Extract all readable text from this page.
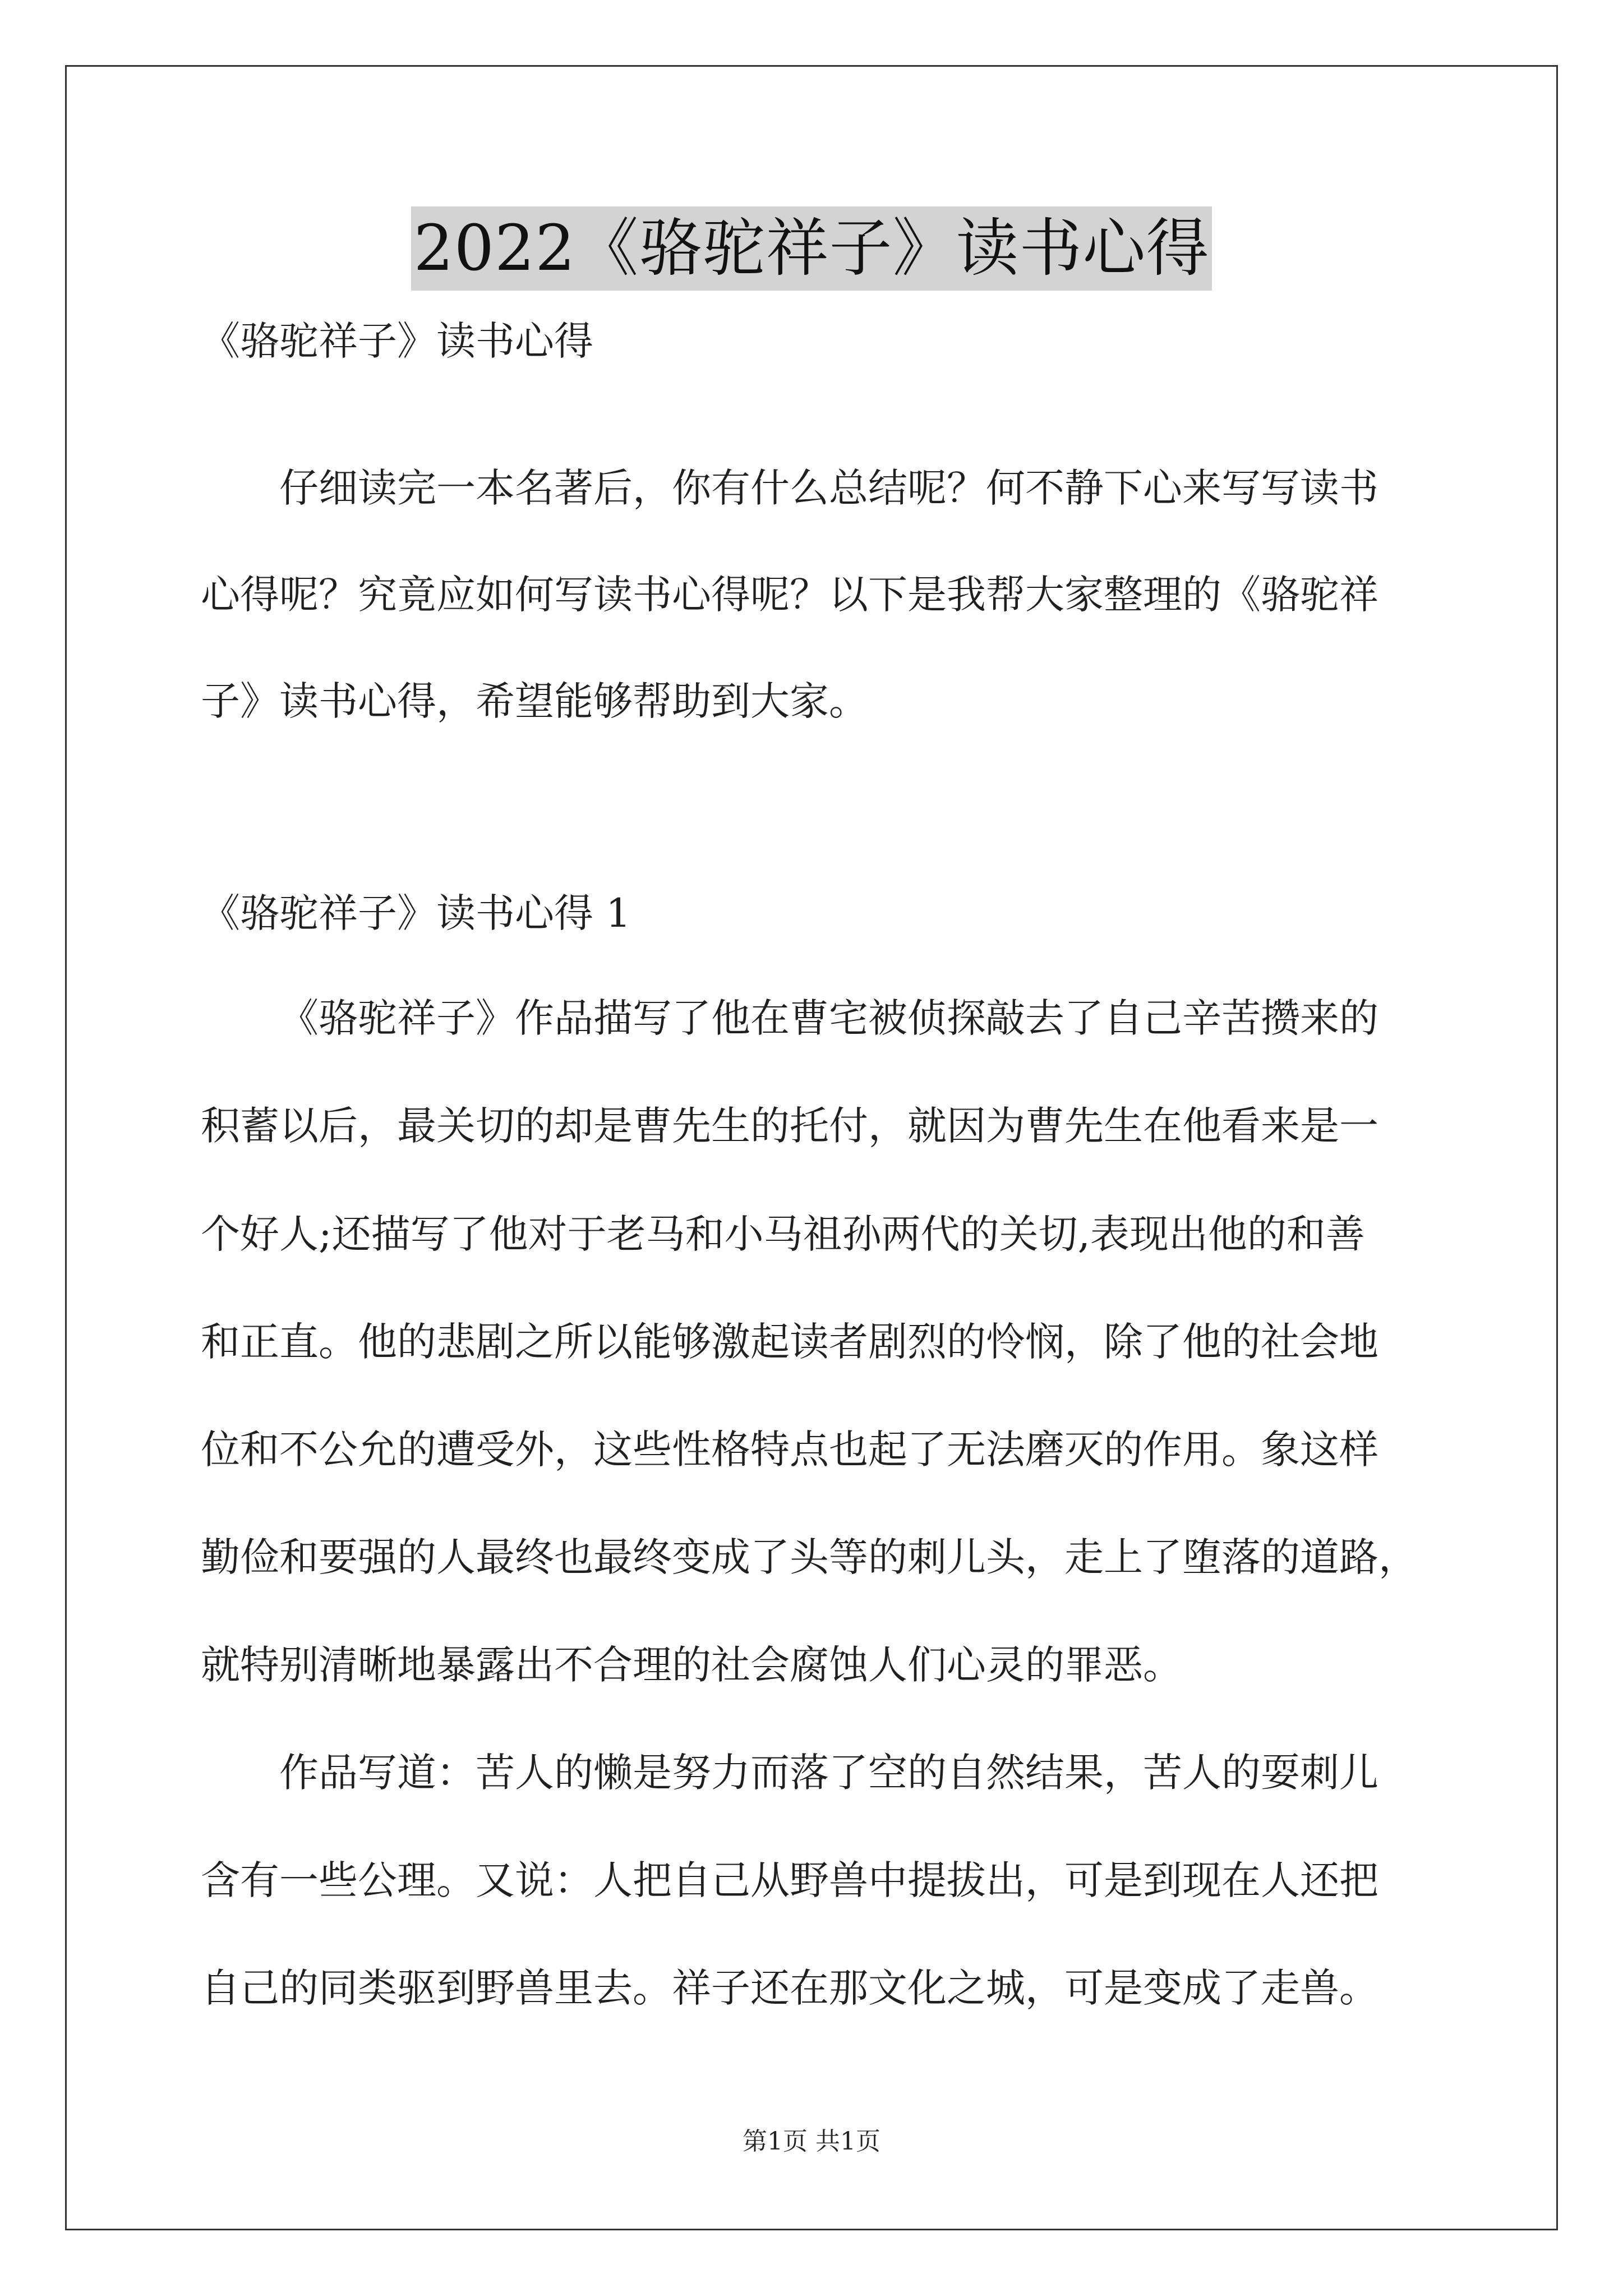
2022《骆驼祥子》读书心得
《骆驼祥子》读书心得
仔细读完一本名著后，你有什么总结呢？何不静下心来写写读书
心得呢？究竟应如何写读书心得呢？以下是我帮大家整理的《骆驼祥
子》读书心得，希望能够帮助到大家。
《骆驼祥子》读书心得 1
《骆驼祥子》作品描写了他在曹宅被侦探敲去了自己辛苦攒来的
积蓄以后，最关切的却是曹先生的托付，就因为曹先生在他看来是一
个好人;还描写了他对于老马和小马祖孙两代的关切,表现出他的和善
和正直。他的悲剧之所以能够激起读者剧烈的怜悯，除了他的社会地
位和不公允的遭受外，这些性格特点也起了无法磨灭的作用。象这样
勤俭和要强的人最终也最终变成了头等的刺儿头，走上了堕落的道路，
就特别清晰地暴露出不合理的社会腐蚀人们心灵的罪恶。
作品写道：苦人的懒是努力而落了空的自然结果，苦人的耍刺儿
含有一些公理。又说：人把自己从野兽中提拔出，可是到现在人还把
自己的同类驱到野兽里去。祥子还在那文化之城，可是变成了走兽。
第1页 共1页
